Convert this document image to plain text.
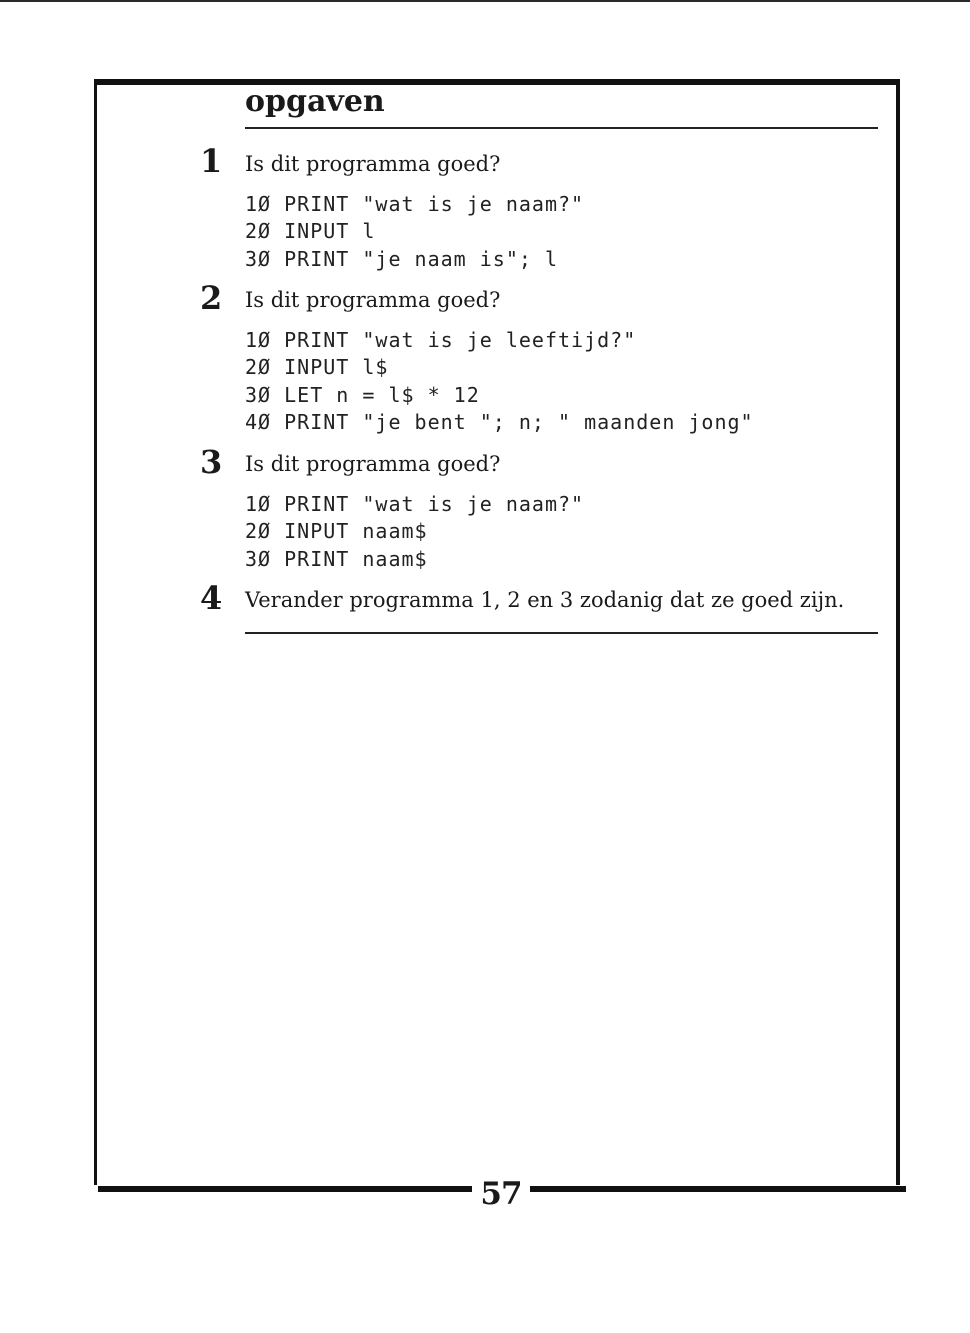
opgaven
1 Is dit programma goed?
1Ø PRINT "wat is je naam?"
2Ø INPUT l
3Ø PRINT "je naam is"; l
2 Is dit programma goed?
1Ø PRINT "wat is je leeftijd?"
2Ø INPUT l$
3Ø LET n = l$ * 12
4Ø PRINT "je bent "; n; " maanden jong"
3 Is dit programma goed?
1Ø PRINT "wat is je naam?"
2Ø INPUT naam$
3Ø PRINT naam$
4 Verander programma 1, 2 en 3 zodanig dat ze goed zijn.
57
